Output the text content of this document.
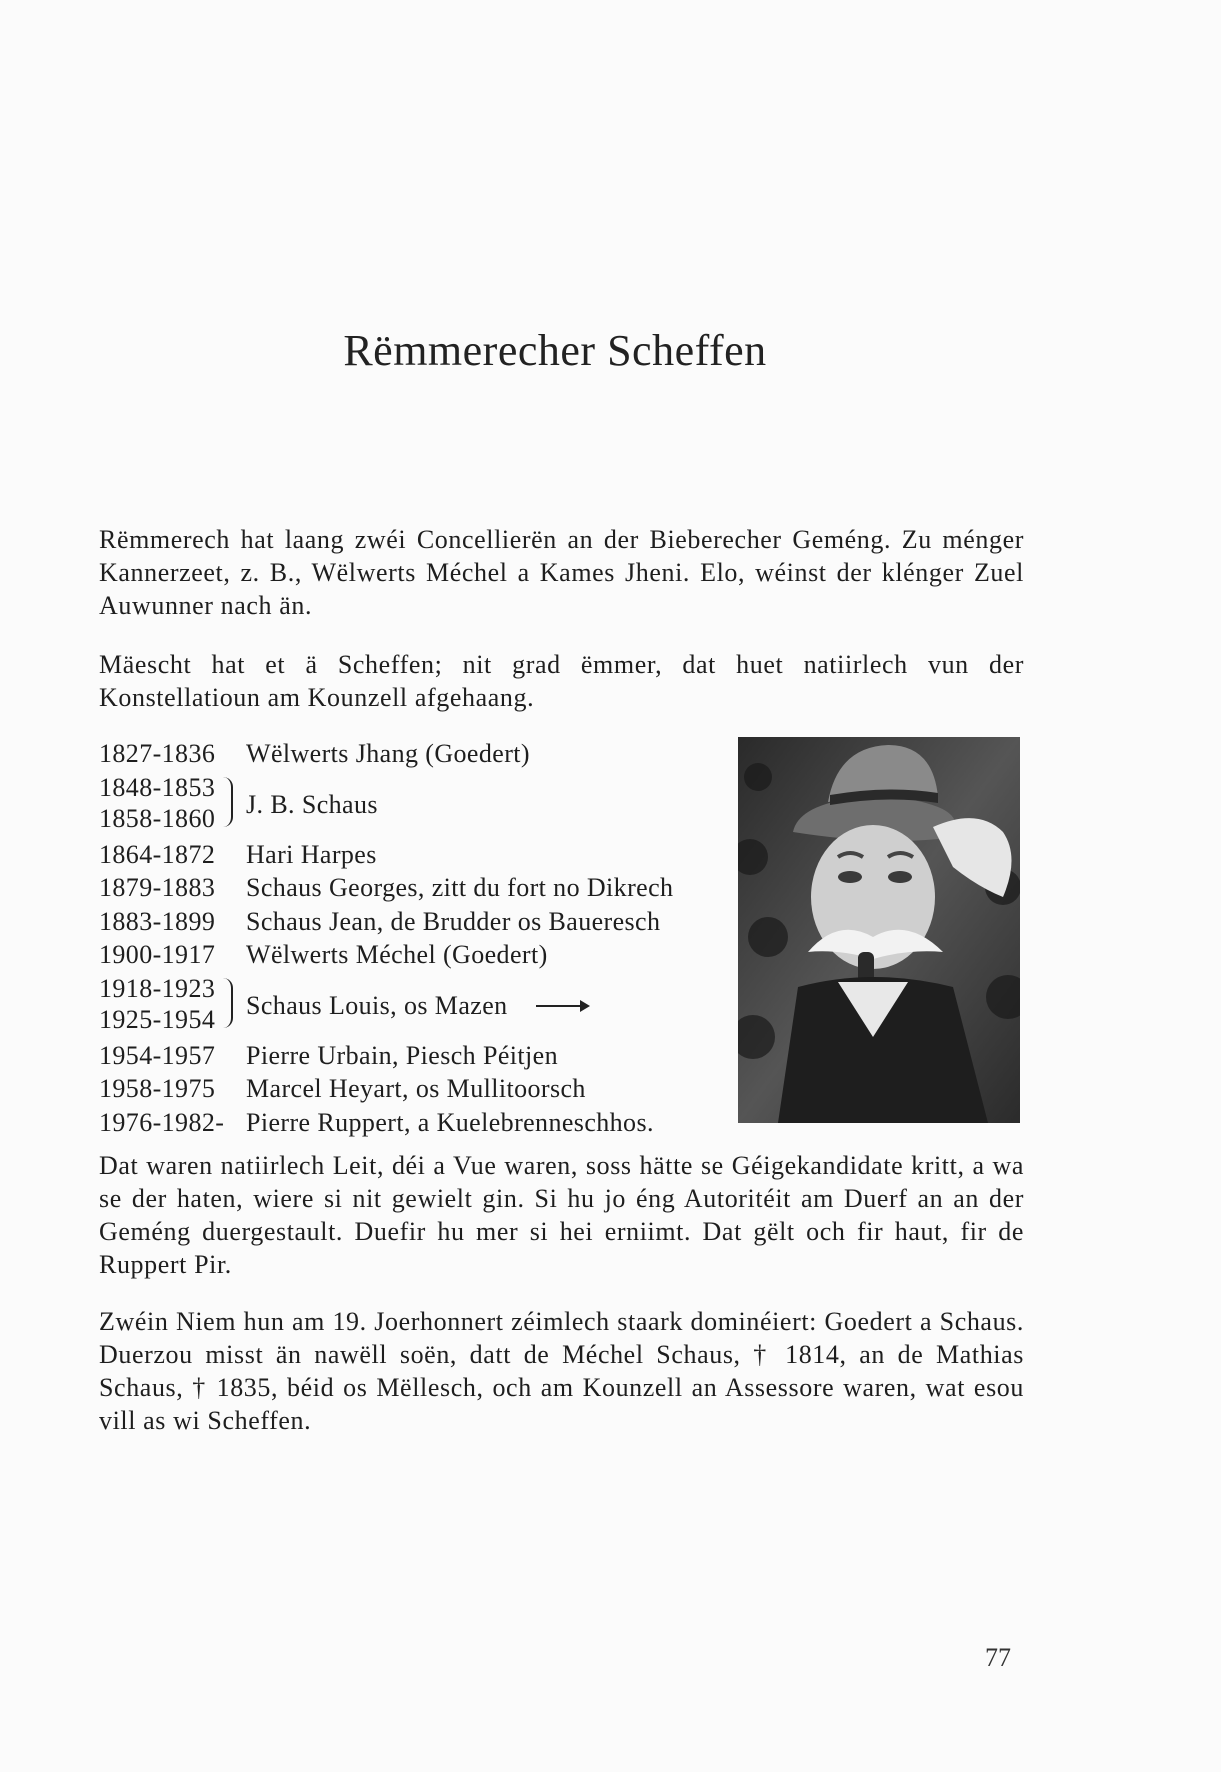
Rëmmerecher Scheffen

Rëmmerech hat laang zwéi Concellierën an der Bieberecher Geméng. Zu ménger Kannerzeet, z. B., Wëlwerts Méchel a Kames Jheni. Elo, wéinst der klénger Zuel Auwunner nach än.

Mäescht hat et ä Scheffen; nit grad ëmmer, dat huet natiirlech vun der Konstellatioun am Kounzell afgehaang.

1827-1836 Wëlwerts Jhang (Goedert)
1848-1853
1858-1860 J. B. Schaus
1864-1872 Hari Harpes
1879-1883 Schaus Georges, zitt du fort no Dikrech
1883-1899 Schaus Jean, de Brudder os Baueresch
1900-1917 Wëlwerts Méchel (Goedert)
1918-1923
1925-1954 Schaus Louis, os Mazen
1954-1957 Pierre Urbain, Piesch Péitjen
1958-1975 Marcel Heyart, os Mullitoorsch
1976-1982- Pierre Ruppert, a Kuelebrenneschhos.

Dat waren natiirlech Leit, déi a Vue waren, soss hätte se Géigekandidate kritt, a wa se der haten, wiere si nit gewielt gin. Si hu jo éng Autoritéit am Duerf an an der Geméng duergestault. Duefir hu mer si hei erniimt. Dat gëlt och fir haut, fir de Ruppert Pir.

Zwéin Niem hun am 19. Joerhonnert zéimlech staark dominéiert: Goedert a Schaus. Duerzou misst än nawëll soën, datt de Méchel Schaus, † 1814, an de Mathias Schaus, † 1835, béid os Mëllesch, och am Kounzell an Assessore waren, wat esou vill as wi Scheffen.

77
